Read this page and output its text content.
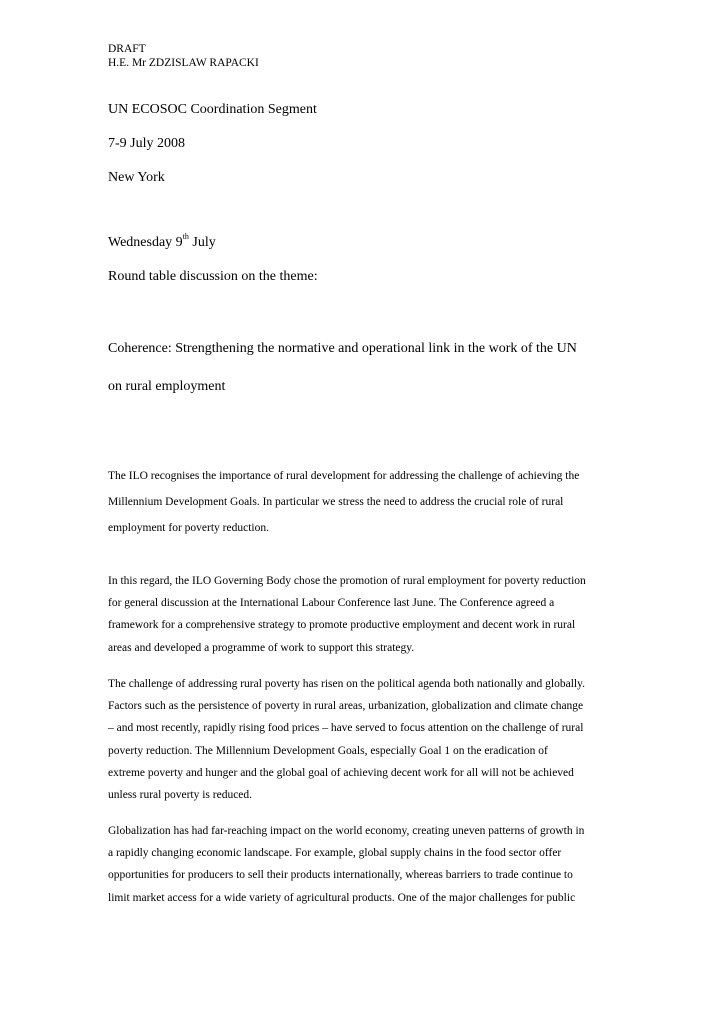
DRAFT
H.E. Mr ZDZISLAW RAPACKI
UN ECOSOC Coordination Segment
7-9 July 2008
New York
Wednesday 9th July
Round table discussion on the theme:
Coherence: Strengthening the normative and operational link in the work of the UN
on rural employment
The ILO recognises the importance of rural development for addressing the challenge of achieving the
Millennium Development Goals. In particular we stress the need to address the crucial role of rural
employment for poverty reduction.
In this regard, the ILO Governing Body chose the promotion of rural employment for poverty reduction
for general discussion at the International Labour Conference last June. The Conference agreed a
framework for a comprehensive strategy to promote productive employment and decent work in rural
areas and developed a programme of work to support this strategy.
The challenge of addressing rural poverty has risen on the political agenda both nationally and globally.
Factors such as the persistence of poverty in rural areas, urbanization, globalization and climate change
– and most recently, rapidly rising food prices – have served to focus attention on the challenge of rural
poverty reduction. The Millennium Development Goals, especially Goal 1 on the eradication of
extreme poverty and hunger and the global goal of achieving decent work for all will not be achieved
unless rural poverty is reduced.
Globalization has had far-reaching impact on the world economy, creating uneven patterns of growth in
a rapidly changing economic landscape. For example, global supply chains in the food sector offer
opportunities for producers to sell their products internationally, whereas barriers to trade continue to
limit market access for a wide variety of agricultural products. One of the major challenges for public
